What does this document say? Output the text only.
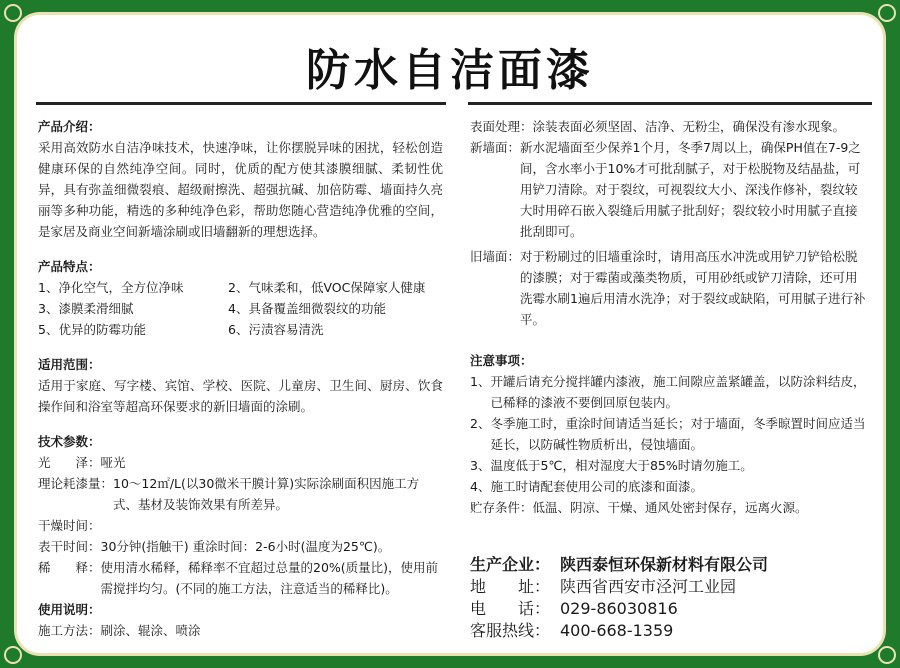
防水自洁面漆
产品介绍：
采用高效防水自洁净味技术，快速净味，让你摆脱异味的困扰，轻松创造健康环保的自然纯净空间。同时，优质的配方使其漆膜细腻、柔韧性优异，具有弥盖细微裂痕、超级耐擦洗、超强抗碱、加倍防霉、墙面持久亮丽等多种功能，精选的多种纯净色彩，帮助您随心营造纯净优雅的空间，是家居及商业空间新墙涂刷或旧墙翻新的理想选择。
产品特点：
1、净化空气，全方位净味	2、气味柔和，低VOC保障家人健康
3、漆膜柔滑细腻	4、具备覆盖细微裂纹的功能
5、优异的防霉功能	6、污渍容易清洗
适用范围：
适用于家庭、写字楼、宾馆、学校、医院、儿童房、卫生间、厨房、饮食操作间和浴室等超高环保要求的新旧墙面的涂刷。
技术参数：
光　　泽： 哑光
理论耗漆量： 10～12㎡/L(以30微米干膜计算)实际涂刷面积因施工方式、基材及装饰效果有所差异。
干燥时间：
表干时间： 30分钟(指触干) 重涂时间：2-6小时(温度为25℃)。
稀　　释： 使用清水稀释，稀释率不宜超过总量的20%(质量比)，使用前需搅拌均匀。(不同的施工方法，注意适当的稀释比)。
使用说明：
施工方法： 刷涂、辊涂、喷涂
表面处理： 涂装表面必须坚固、洁净、无粉尘，确保没有渗水现象。
新墙面： 新水泥墙面至少保养1个月，冬季7周以上，确保PH值在7-9之间，含水率小于10%才可批刮腻子，对于松脱物及结晶盐，可用铲刀清除。对于裂纹，可视裂纹大小、深浅作修补，裂纹较大时用碎石嵌入裂缝后用腻子批刮好；裂纹较小时用腻子直接批刮即可。
旧墙面： 对于粉刷过的旧墙重涂时，请用高压水冲洗或用铲刀铲铪松脱的漆膜；对于霉菌或藻类物质，可用砂纸或铲刀清除，还可用洗霉水刷1遍后用清水洗净；对于裂纹或缺陷，可用腻子进行补平。
注意事项：
1、 开罐后请充分搅拌罐内漆液，施工间隙应盖紧罐盖，以防涂料结皮，已稀释的漆液不要倒回原包装内。
2、 冬季施工时，重涂时间请适当延长；对于墙面，冬季晾置时间应适当延长，以防碱性物质析出，侵蚀墙面。
3、 温度低于5℃，相对湿度大于85%时请勿施工。
4、 施工时请配套使用公司的底漆和面漆。
贮存条件： 低温、阴凉、干燥、通风处密封保存，远离火源。
生产企业： 陕西泰恒环保新材料有限公司
地　　址： 陕西省西安市泾河工业园
电　　话： 029-86030816
客服热线： 400-668-1359
